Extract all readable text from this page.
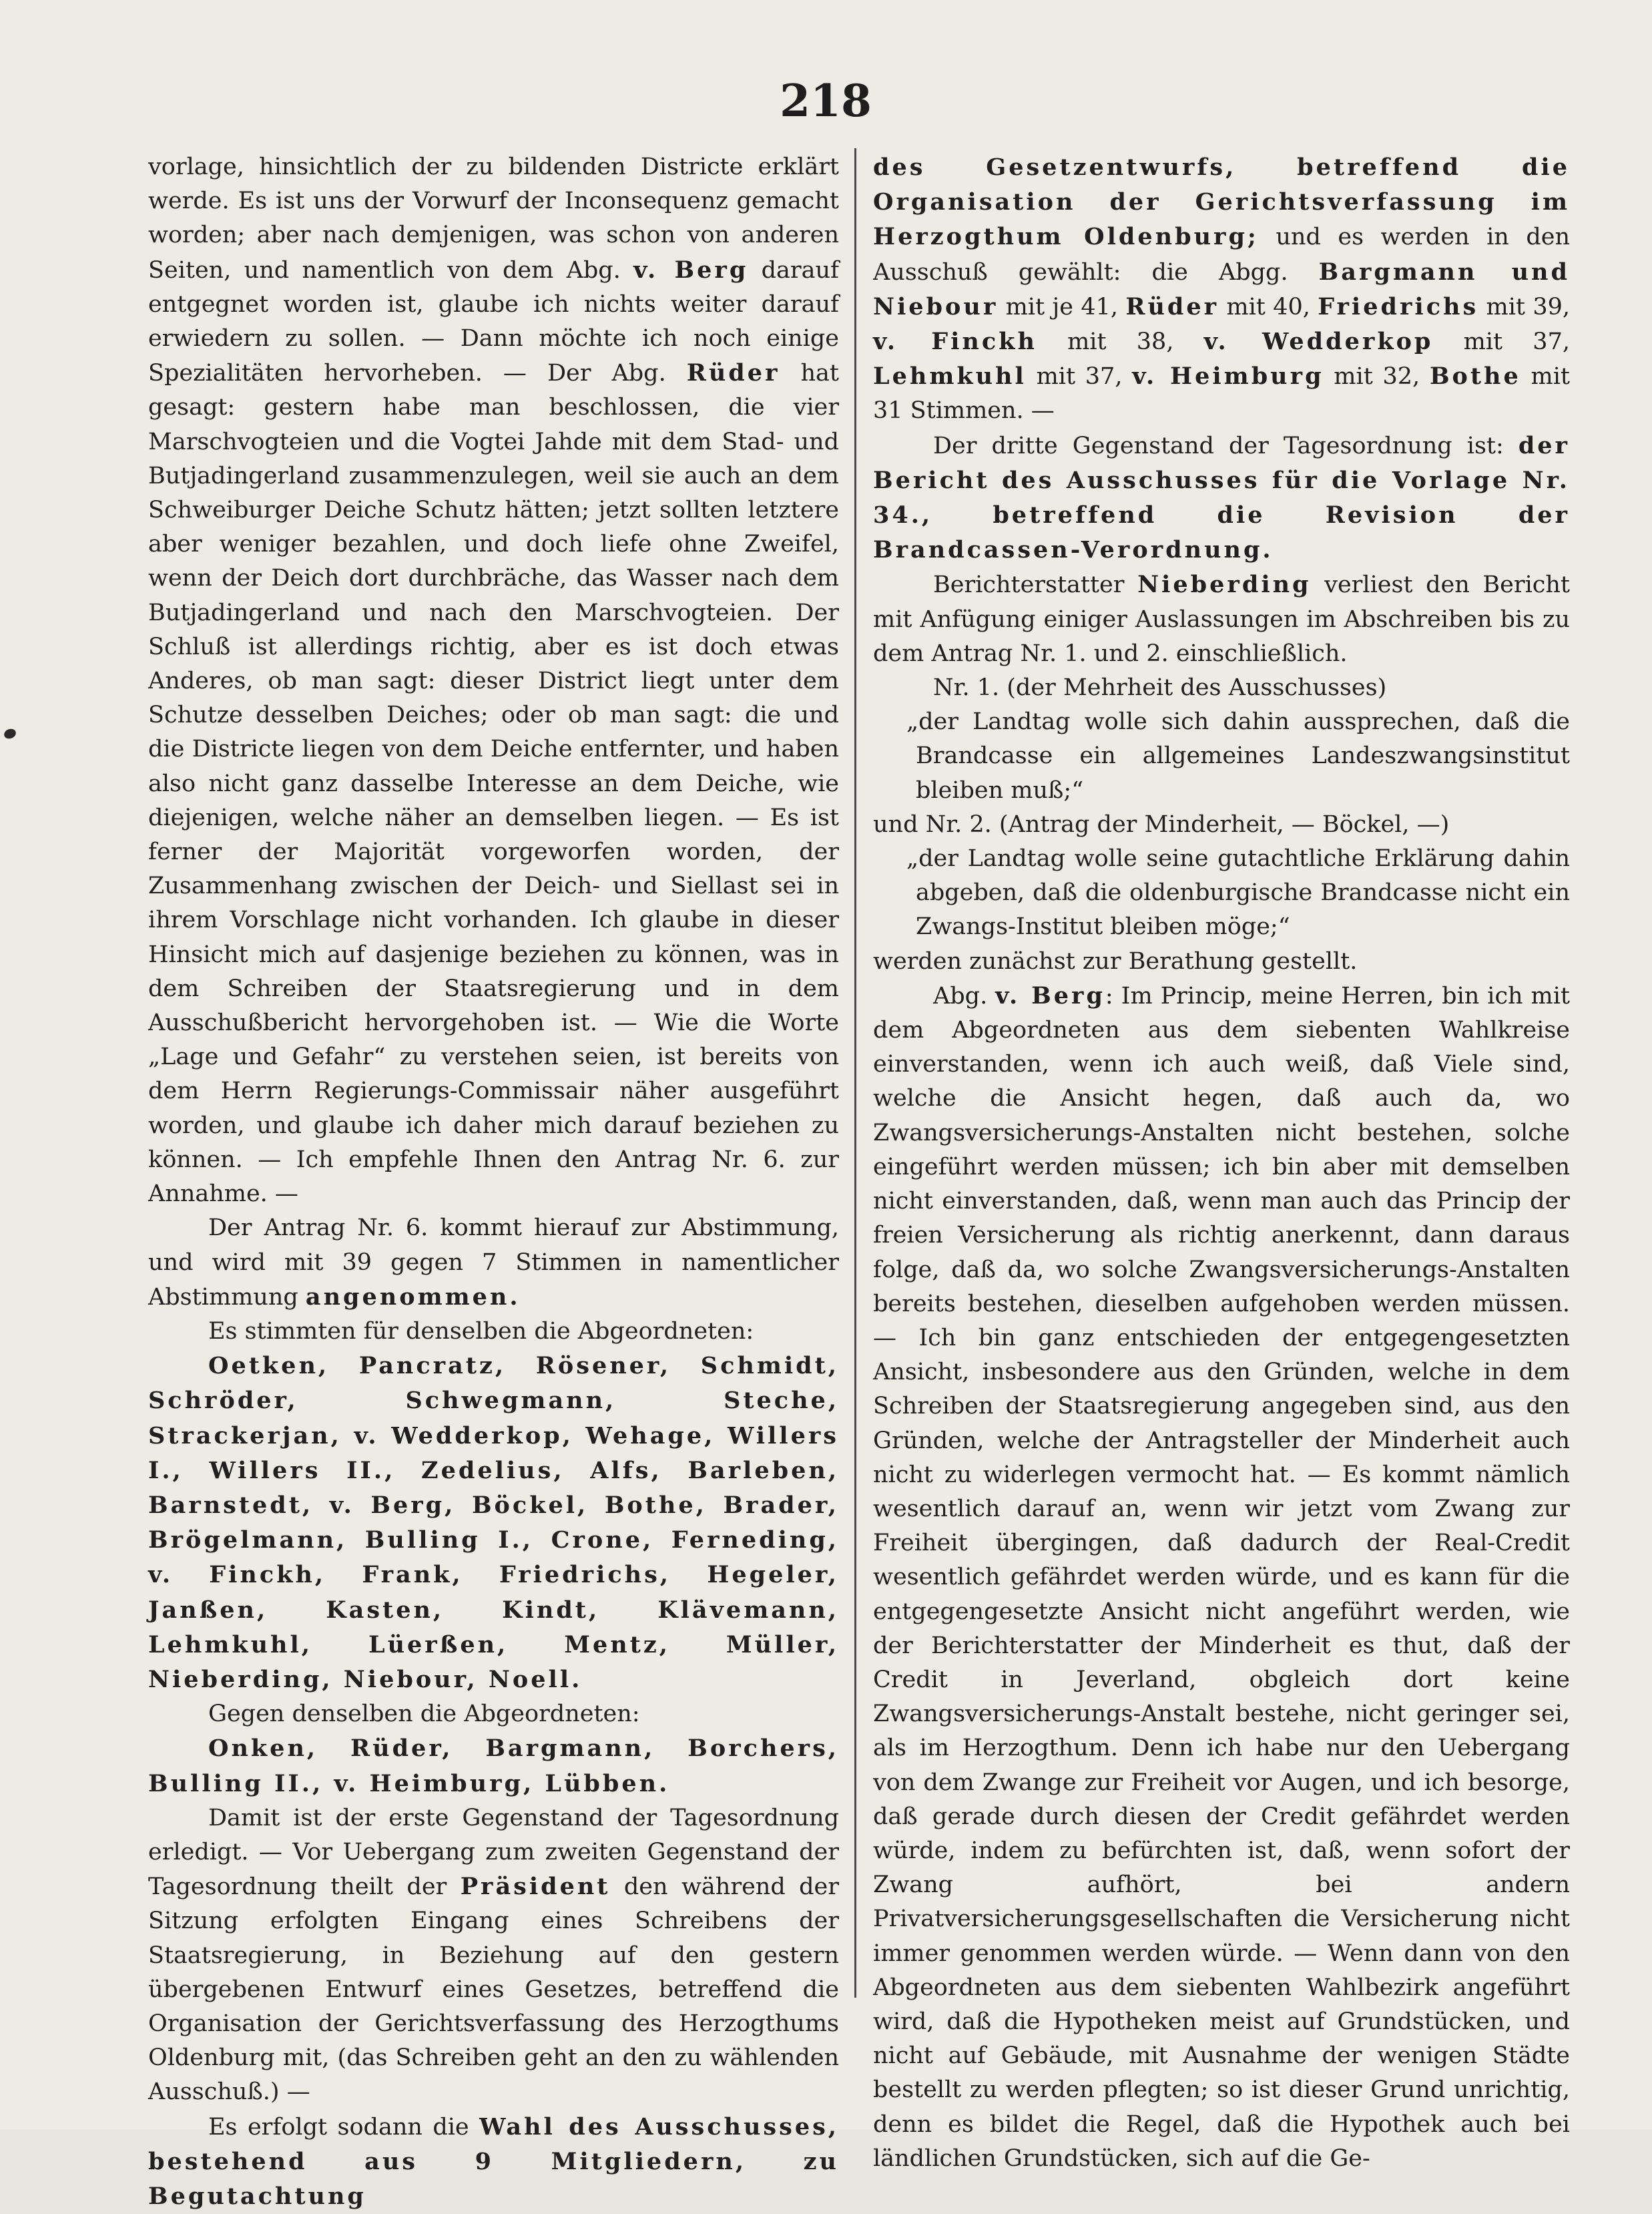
218

vorlage, hinsichtlich der zu bildenden Districte erklärt werde. Es ist uns der Vorwurf der Inconsequenz gemacht worden; aber nach demjenigen, was schon von anderen Seiten, und namentlich von dem Abg. v. Berg darauf entgegnet worden ist, glaube ich nichts weiter darauf erwiedern zu sollen. — Dann möchte ich noch einige Spezialitäten hervorheben. — Der Abg. Rüder hat gesagt: gestern habe man beschlossen, die vier Marschvogteien und die Vogtei Jahde mit dem Stad- und Butjadingerland zusammenzulegen, weil sie auch an dem Schweiburger Deiche Schutz hätten; jetzt sollten letztere aber weniger bezahlen, und doch liefe ohne Zweifel, wenn der Deich dort durchbräche, das Wasser nach dem Butjadingerland und nach den Marschvogteien. Der Schluß ist allerdings richtig, aber es ist doch etwas Anderes, ob man sagt: dieser District liegt unter dem Schutze desselben Deiches; oder ob man sagt: die und die Districte liegen von dem Deiche entfernter, und haben also nicht ganz dasselbe Interesse an dem Deiche, wie diejenigen, welche näher an demselben liegen. — Es ist ferner der Majorität vorgeworfen worden, der Zusammenhang zwischen der Deich- und Siellast sei in ihrem Vorschlage nicht vorhanden. Ich glaube in dieser Hinsicht mich auf dasjenige beziehen zu können, was in dem Schreiben der Staatsregierung und in dem Ausschußbericht hervorgehoben ist. — Wie die Worte „Lage und Gefahr“ zu verstehen seien, ist bereits von dem Herrn Regierungs-Commissair näher ausgeführt worden, und glaube ich daher mich darauf beziehen zu können. — Ich empfehle Ihnen den Antrag Nr. 6. zur Annahme. —

Der Antrag Nr. 6. kommt hierauf zur Abstimmung, und wird mit 39 gegen 7 Stimmen in namentlicher Abstimmung angenommen.

Es stimmten für denselben die Abgeordneten:

Oetken, Pancratz, Rösener, Schmidt, Schröder, Schwegmann, Steche, Strackerjan, v. Wedderkop, Wehage, Willers I., Willers II., Zedelius, Alfs, Barleben, Barnstedt, v. Berg, Böckel, Bothe, Brader, Brögelmann, Bulling I., Crone, Ferneding, v. Finckh, Frank, Friedrichs, Hegeler, Janßen, Kasten, Kindt, Klävemann, Lehmkuhl, Lüerßen, Mentz, Müller, Nieberding, Niebour, Noell.

Gegen denselben die Abgeordneten:

Onken, Rüder, Bargmann, Borchers, Bulling II., v. Heimburg, Lübben.

Damit ist der erste Gegenstand der Tagesordnung erledigt. — Vor Uebergang zum zweiten Gegenstand der Tagesordnung theilt der Präsident den während der Sitzung erfolgten Eingang eines Schreibens der Staatsregierung, in Beziehung auf den gestern übergebenen Entwurf eines Gesetzes, betreffend die Organisation der Gerichtsverfassung des Herzogthums Oldenburg mit, (das Schreiben geht an den zu wählenden Ausschuß.) —

Es erfolgt sodann die Wahl des Ausschusses, bestehend aus 9 Mitgliedern, zu Begutachtung

des Gesetzentwurfs, betreffend die Organisation der Gerichtsverfassung im Herzogthum Oldenburg; und es werden in den Ausschuß gewählt: die Abgg. Bargmann und Niebour mit je 41, Rüder mit 40, Friedrichs mit 39, v. Finckh mit 38, v. Wedderkop mit 37, Lehmkuhl mit 37, v. Heimburg mit 32, Bothe mit 31 Stimmen. —

Der dritte Gegenstand der Tagesordnung ist: der Bericht des Ausschusses für die Vorlage Nr. 34., betreffend die Revision der Brandcassen-Verordnung.

Berichterstatter Nieberding verliest den Bericht mit Anfügung einiger Auslassungen im Abschreiben bis zu dem Antrag Nr. 1. und 2. einschließlich.

Nr. 1. (der Mehrheit des Ausschusses)

„der Landtag wolle sich dahin aussprechen, daß die Brandcasse ein allgemeines Landeszwangsinstitut bleiben muß;“

und Nr. 2. (Antrag der Minderheit, — Böckel, —)

„der Landtag wolle seine gutachtliche Erklärung dahin abgeben, daß die oldenburgische Brandcasse nicht ein Zwangs-Institut bleiben möge;“

werden zunächst zur Berathung gestellt.

Abg. v. Berg: Im Princip, meine Herren, bin ich mit dem Abgeordneten aus dem siebenten Wahlkreise einverstanden, wenn ich auch weiß, daß Viele sind, welche die Ansicht hegen, daß auch da, wo Zwangsversicherungs-Anstalten nicht bestehen, solche eingeführt werden müssen; ich bin aber mit demselben nicht einverstanden, daß, wenn man auch das Princip der freien Versicherung als richtig anerkennt, dann daraus folge, daß da, wo solche Zwangsversicherungs-Anstalten bereits bestehen, dieselben aufgehoben werden müssen. — Ich bin ganz entschieden der entgegengesetzten Ansicht, insbesondere aus den Gründen, welche in dem Schreiben der Staatsregierung angegeben sind, aus den Gründen, welche der Antragsteller der Minderheit auch nicht zu widerlegen vermocht hat. — Es kommt nämlich wesentlich darauf an, wenn wir jetzt vom Zwang zur Freiheit übergingen, daß dadurch der Real-Credit wesentlich gefährdet werden würde, und es kann für die entgegengesetzte Ansicht nicht angeführt werden, wie der Berichterstatter der Minderheit es thut, daß der Credit in Jeverland, obgleich dort keine Zwangsversicherungs-Anstalt bestehe, nicht geringer sei, als im Herzogthum. Denn ich habe nur den Uebergang von dem Zwange zur Freiheit vor Augen, und ich besorge, daß gerade durch diesen der Credit gefährdet werden würde, indem zu befürchten ist, daß, wenn sofort der Zwang aufhört, bei andern Privatversicherungsgesellschaften die Versicherung nicht immer genommen werden würde. — Wenn dann von den Abgeordneten aus dem siebenten Wahlbezirk angeführt wird, daß die Hypotheken meist auf Grundstücken, und nicht auf Gebäude, mit Ausnahme der wenigen Städte bestellt zu werden pflegten; so ist dieser Grund unrichtig, denn es bildet die Regel, daß die Hypothek auch bei ländlichen Grundstücken, sich auf die Ge-
